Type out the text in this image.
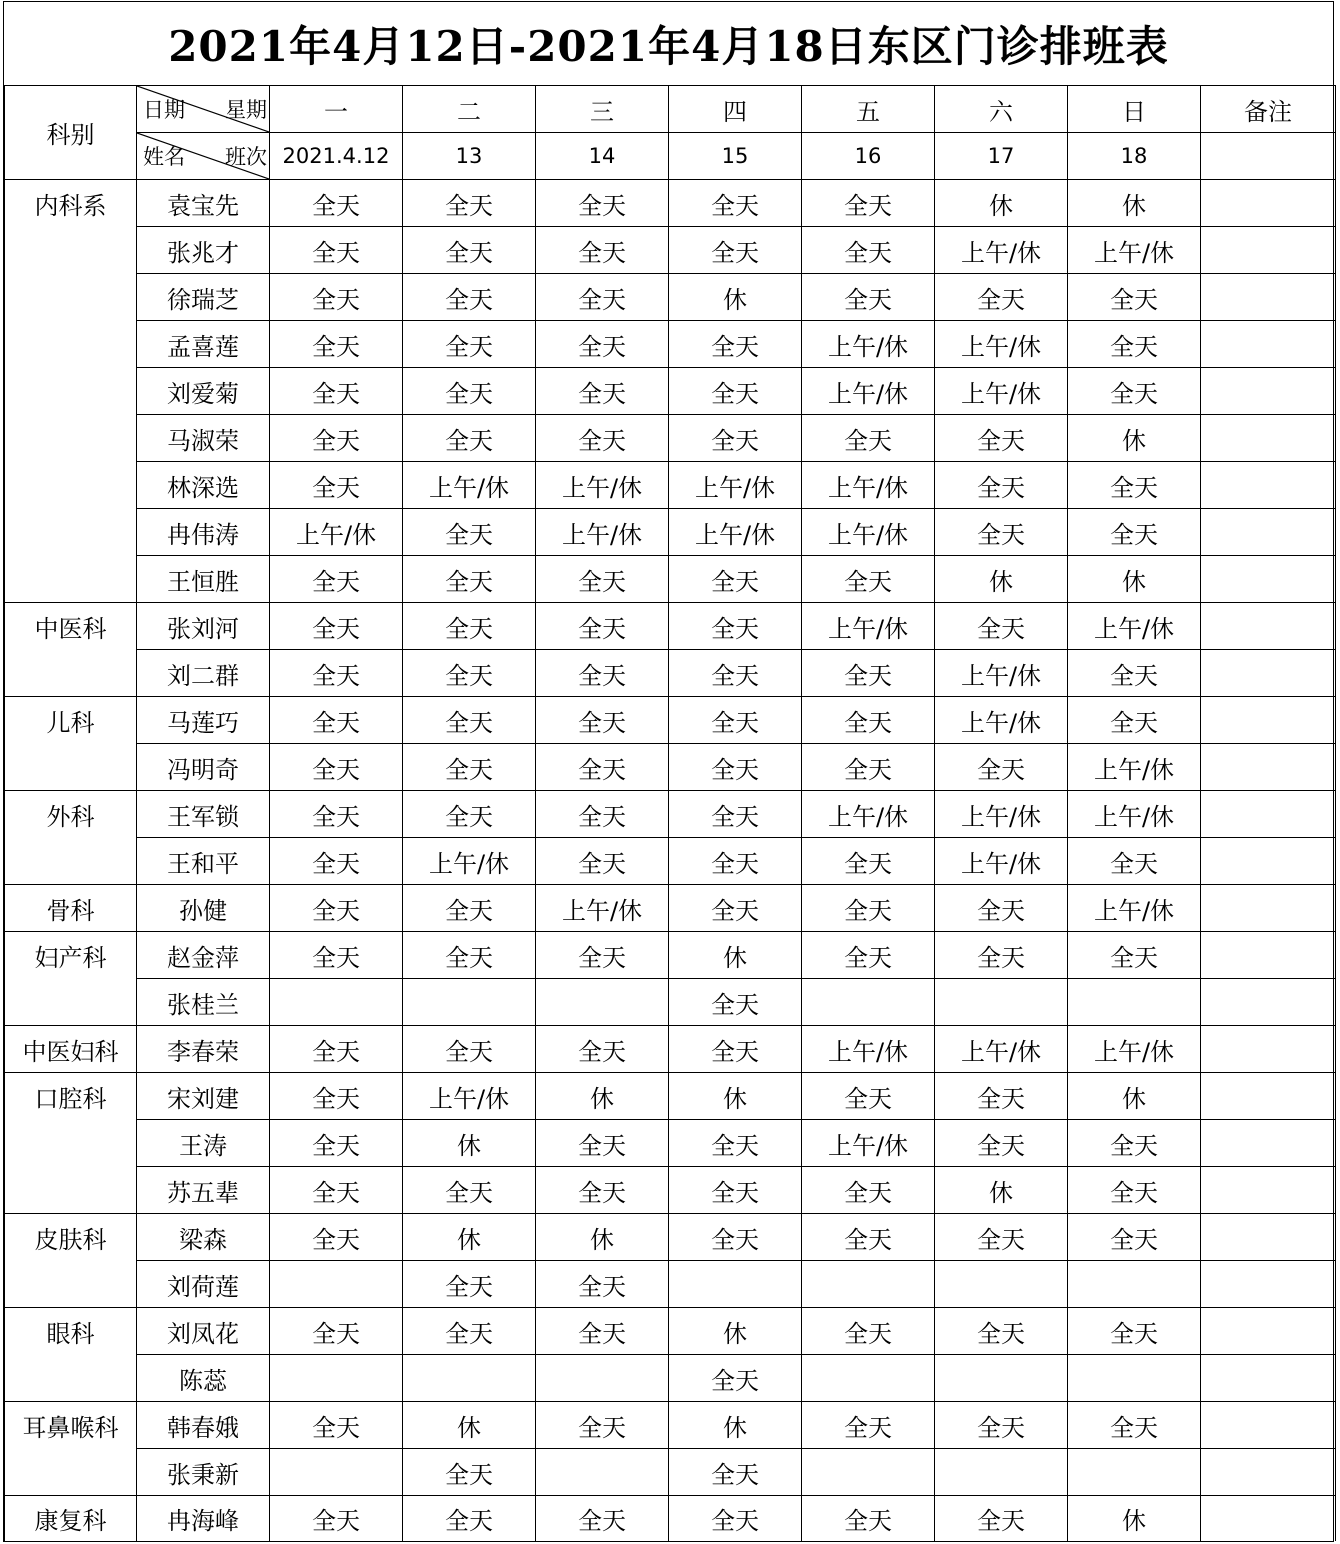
2021年4月12日-2021年4月18日东区门诊排班表
科别	日期 星期	一	二	三	四	五	六	日	备注

	姓名 班次	2021.4.12	13	14	15	16	17	18	
内科系	袁宝先	全天	全天	全天	全天	全天	休	休	
	张兆才	全天	全天	全天	全天	全天	上午/休	上午/休	
	徐瑞芝	全天	全天	全天	休	全天	全天	全天	
	孟喜莲	全天	全天	全天	全天	上午/休	上午/休	全天	
	刘爱菊	全天	全天	全天	全天	上午/休	上午/休	全天	
	马淑荣	全天	全天	全天	全天	全天	全天	休	
	林深选	全天	上午/休	上午/休	上午/休	上午/休	全天	全天	
	冉伟涛	上午/休	全天	上午/休	上午/休	上午/休	全天	全天	
	王恒胜	全天	全天	全天	全天	全天	休	休	
中医科	张刘河	全天	全天	全天	全天	上午/休	全天	上午/休	
	刘二群	全天	全天	全天	全天	全天	上午/休	全天	
儿科	马莲巧	全天	全天	全天	全天	全天	上午/休	全天	
	冯明奇	全天	全天	全天	全天	全天	全天	上午/休	
外科	王军锁	全天	全天	全天	全天	上午/休	上午/休	上午/休	
	王和平	全天	上午/休	全天	全天	全天	上午/休	全天	
骨科	孙健	全天	全天	上午/休	全天	全天	全天	上午/休	
妇产科	赵金萍	全天	全天	全天	休	全天	全天	全天	
	张桂兰				全天				
中医妇科	李春荣	全天	全天	全天	全天	上午/休	上午/休	上午/休	
口腔科	宋刘建	全天	上午/休	休	休	全天	全天	休	
	王涛	全天	休	全天	全天	上午/休	全天	全天	
	苏五辈	全天	全天	全天	全天	全天	休	全天	
皮肤科	梁森	全天	休	休	全天	全天	全天	全天	
	刘荷莲		全天	全天					
眼科	刘凤花	全天	全天	全天	休	全天	全天	全天	
	陈蕊				全天				
耳鼻喉科	韩春娥	全天	休	全天	休	全天	全天	全天	
	张秉新		全天		全天				
康复科	冉海峰	全天	全天	全天	全天	全天	全天	休	
